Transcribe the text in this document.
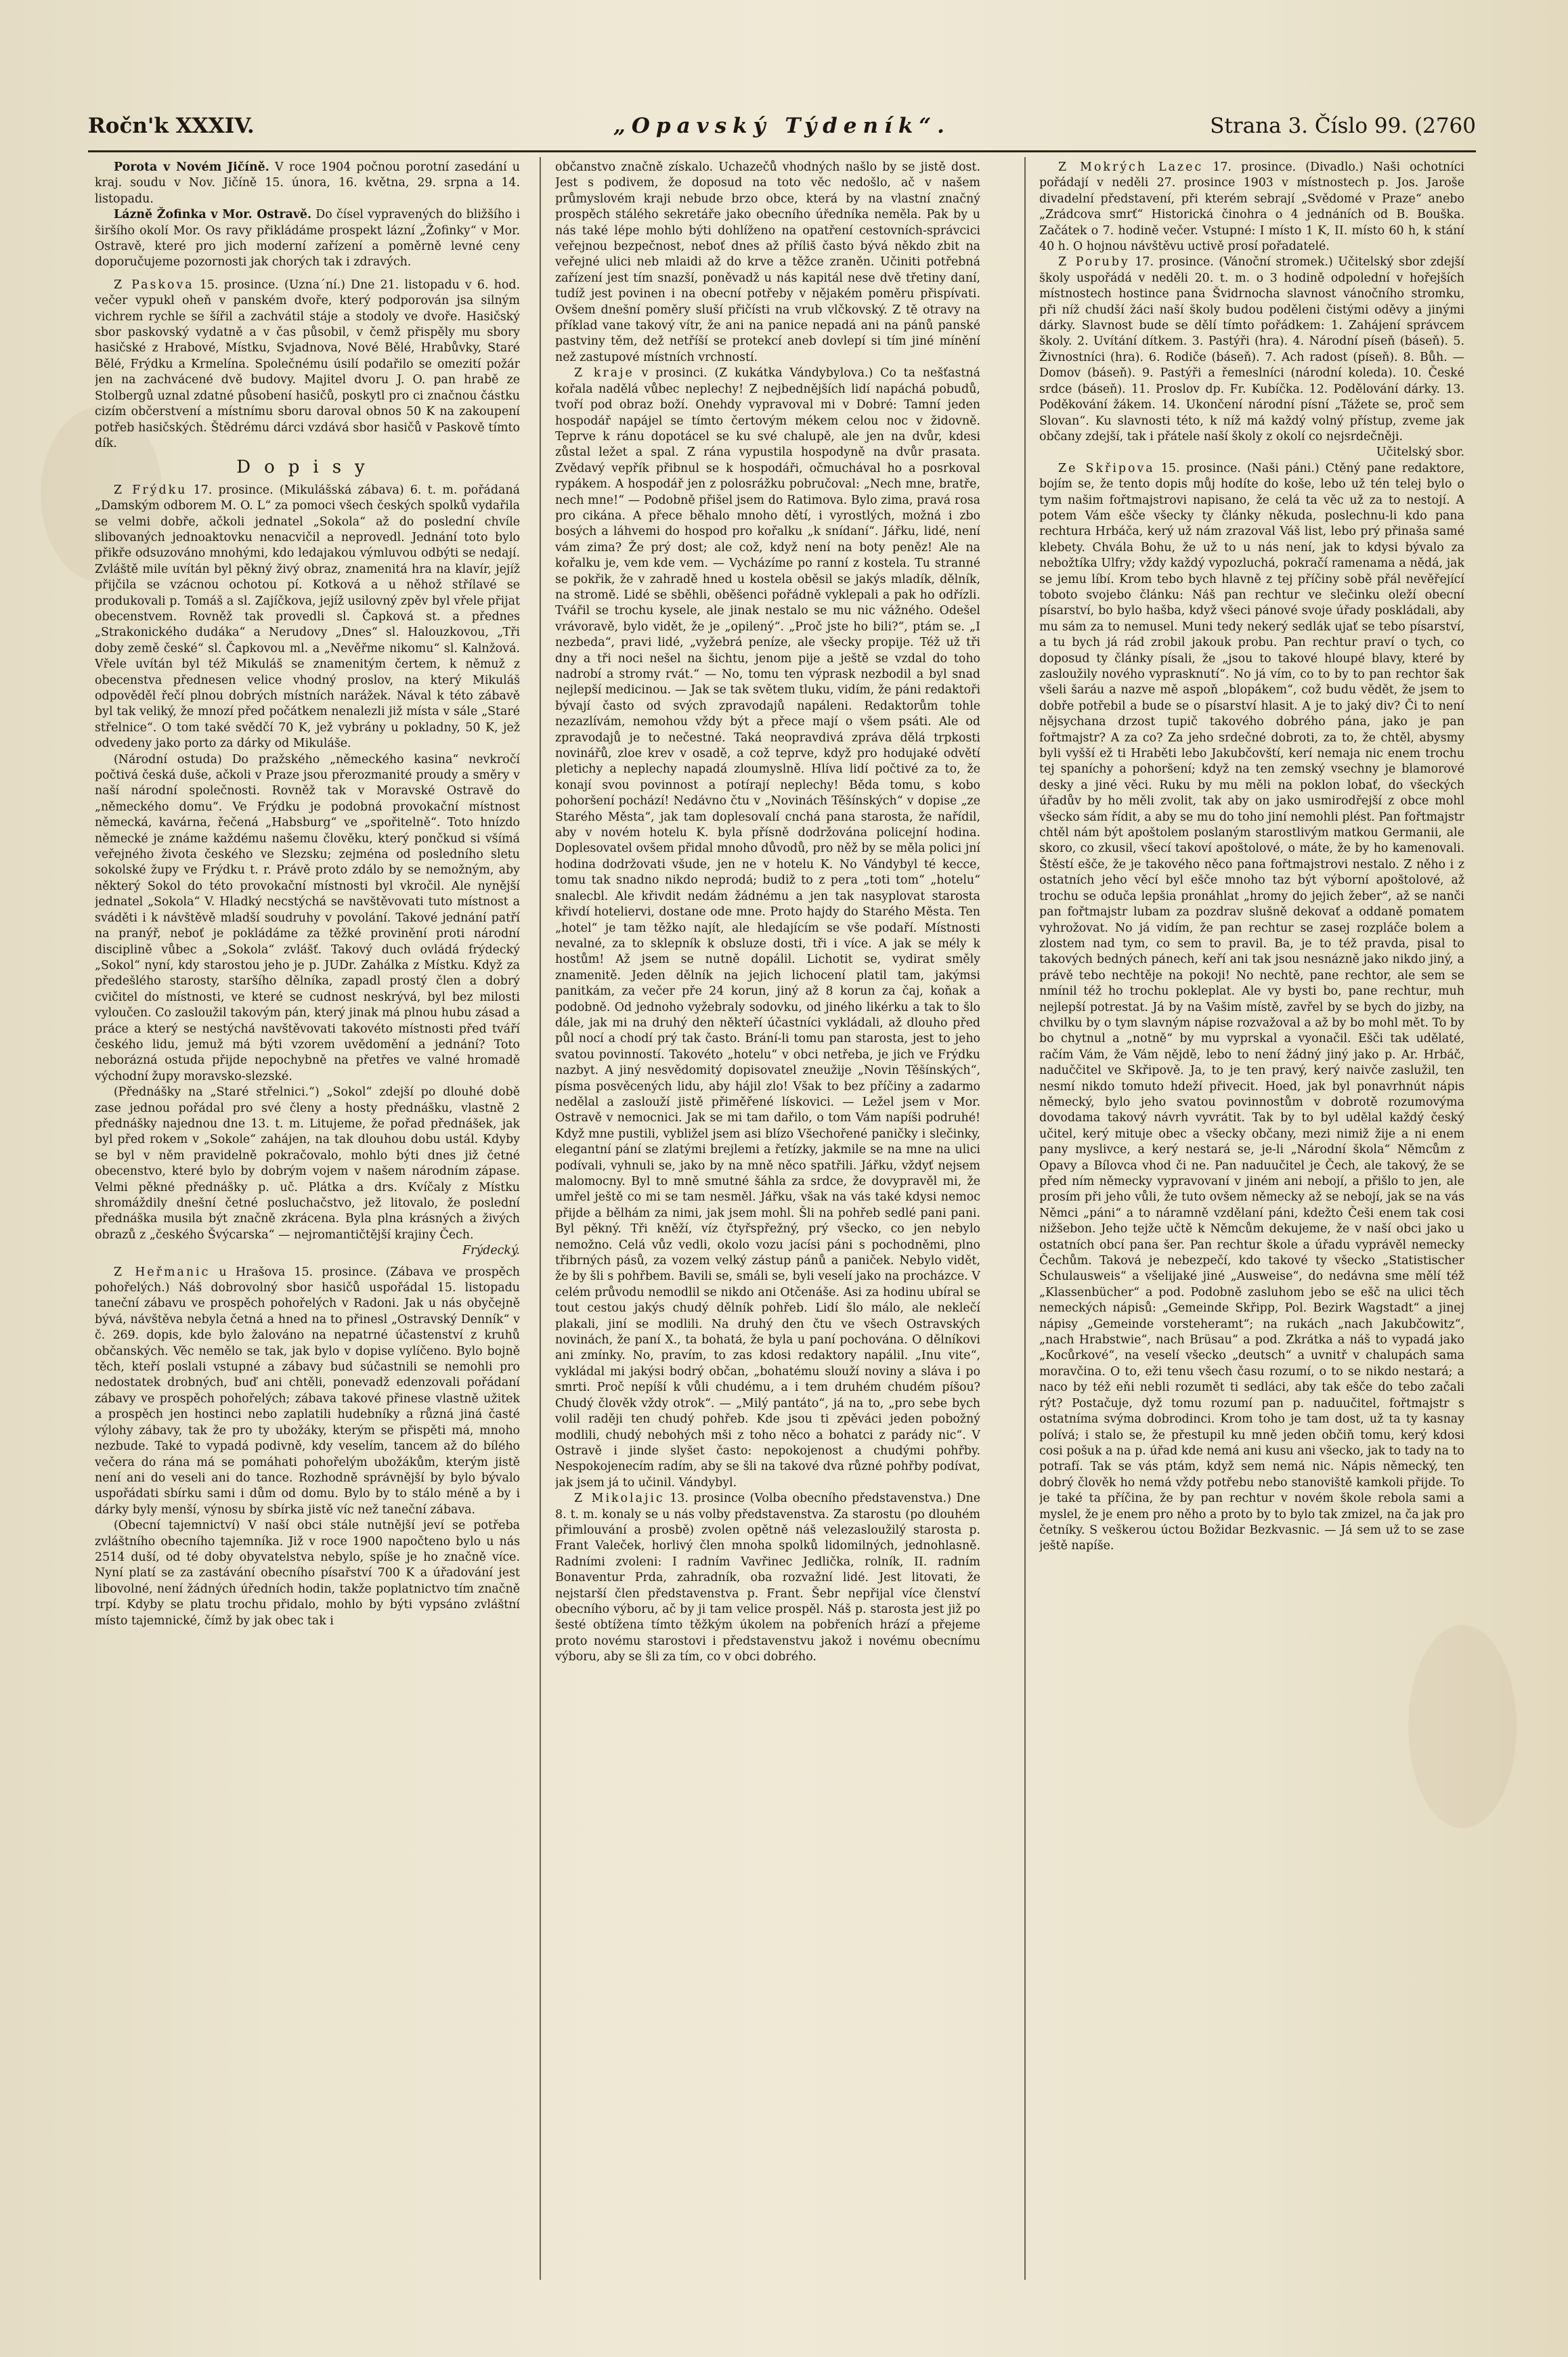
Ročn'k XXXIV.	„Opavský Týdeník“.	Strana 3. Číslo 99. (2760

Porota v Novém Jičíně. V roce 1904 počnou porotní zasedání u kraj. soudu v Nov. Jičíně 15. února, 16. května, 29. srpna a 14. listopadu.

Lázně Žofinka v Mor. Ostravě. Do čísel vypravených do bližšího i širšího okolí Mor. Os ravy přikládáme prospekt lázní „Žofinky“ v Mor. Ostravě, které pro jich moderní zařízení a poměrně levné ceny doporučujeme pozornosti jak chorých tak i zdravých.

Z Paskova 15. prosince. (Uzna´ní.) Dne 21. listopadu v 6. hod. večer vypukl oheň v panském dvoře, který podporován jsa silným vichrem rychle se šířil a zachvátil stáje a stodoly ve dvoře. Hasičský sbor paskovský vydatně a v čas působil, v čemž přispěly mu sbory hasičské z Hrabové, Místku, Svjadnova, Nové Bělé, Hrabůvky, Staré Bělé, Frýdku a Krmelína. Společnému úsilí podařilo se omezití požár jen na zachvácené dvě budovy. Majitel dvoru J. O. pan hrabě ze Stolbergů uznal zdatné působení hasičů, poskytl pro ci značnou částku cizím občerstvení a místnímu sboru daroval obnos 50 K na zakoupení potřeb hasičských. Štědrému dárci vzdává sbor hasičů v Paskově tímto dík.

Dopisy

Z Frýdku 17. prosince. (Mikulášská zábava) 6. t. m. pořádaná „Damským odborem M. O. L“ za pomoci všech českých spolků vydařila se velmi dobře, ačkoli jednatel „Sokola“ až do poslední chvíle slibovaných jednoaktovku nenacvičil a neprovedl. Jednání toto bylo přikře odsuzováno mnohými, kdo ledajakou výmluvou odbýti se nedají. Zvláště mile uvítán byl pěkný živý obraz, znamenitá hra na klavír, jejíž přijčila se vzácnou ochotou pí. Kotková a u něhož střílavé se produkovali p. Tomáš a sl. Zajíčkova, jejíž usilovný zpěv byl vřele přijat obecenstvem. Rovněž tak provedli sl. Čapková st. a přednes „Strakonického dudáka“ a Nerudovy „Dnes“ sl. Halouzkovou, „Tři doby země české“ sl. Čapkovou ml. a „Nevěřme nikomu“ sl. Kalnžová. Vřele uvítán byl též Mikuláš se znamenitým čertem, k němuž z obecenstva přednesen velice vhodný proslov, na který Mikuláš odpověděl řečí plnou dobrých místních narážek. Nával k této zábavě byl tak veliký, že mnozí před počátkem nenalezli již místa v sále „Staré střelnice“. O tom také svědčí 70 K, jež vybrány u pokladny, 50 K, jež odvedeny jako porto za dárky od Mikuláše.

(Národní ostuda) Do pražského „německého kasina“ nevkročí počtivá česká duše, ačkoli v Praze jsou přerozmanité proudy a směry v naší národní společnosti. Rovněž tak v Moravské Ostravě do „německého domu“. Ve Frýdku je podobná provokační místnost německá, kavárna, řečená „Habsburg“ ve „spořitelně“. Toto hnízdo německé je známe každému našemu člověku, který pončkud si všímá veřejného života českého ve Slezsku; zejména od posledního sletu sokolské župy ve Frýdku t. r. Právě proto zdálo by se nemožným, aby některý Sokol do této provokační místnosti byl vkročil. Ale nynější jednatel „Sokola“ V. Hladký necstýchá se navštěvovati tuto místnost a sváděti i k návštěvě mladší soudruhy v povolání. Takové jednání patří na pranýř, neboť je pokládáme za těžké provinění proti národní disciplině vůbec a „Sokola“ zvlášť. Takový duch ovládá frýdecký „Sokol“ nyní, kdy starostou jeho je p. JUDr. Zahálka z Místku. Když za předešlého starosty, staršího dělníka, zapadl prostý člen a dobrý cvičitel do místnosti, ve které se cudnost neskrývá, byl bez milosti vyloučen. Co zasloužil takovým pán, který jinak má plnou hubu zásad a práce a který se nestýchá navštěvovati takovéto místnosti před tváří českého lidu, jemuž má býti vzorem uvědomění a jednání? Toto neborázná ostuda přijde nepochybně na přetřes ve valné hromadě východní župy moravsko-slezské.

(Přednášky na „Staré střelnici.“) „Sokol“ zdejší po dlouhé době zase jednou pořádal pro své členy a hosty přednášku, vlastně 2 přednášky najednou dne 13. t. m. Litujeme, že pořad přednášek, jak byl před rokem v „Sokole“ zahájen, na tak dlouhou dobu ustál. Kdyby se byl v něm pravidelně pokračovalo, mohlo býti dnes již četné obecenstvo, které bylo by dobrým vojem v našem národním zápase. Velmi pěkné přednášky p. uč. Plátka a drs. Kvíčaly z Místku shromáždily dnešní četné posluchačstvo, jež litovalo, že poslední přednáška musila být značně zkrácena. Byla plna krásných a živých obrazů z „českého Švýcarska“ — nejromantičtější krajiny Čech.

Frýdecký.

Z Heřmanic u Hrašova 15. prosince. (Zábava ve prospěch pohořelých.) Náš dobrovolný sbor hasičů uspořádal 15. listopadu taneční zábavu ve prospěch pohořelých v Radoni. Jak u nás obyčejně bývá, návštěva nebyla četná a hned na to přinesl „Ostravský Denník“ v č. 269. dopis, kde bylo žalováno na nepatrné účastenství z kruhů občanských. Věc nemělo se tak, jak bylo v dopise vylíčeno. Bylo bojně těch, kteří poslali vstupné a zábavy bud súčastnili se nemohli pro nedostatek drobných, buď ani chtěli, ponevadž edenzovali pořádaní zábavy ve prospěch pohořelých; zábava takové přinese vlastně užitek a prospěch jen hostinci nebo zaplatili hudebníky a různá jiná časté výlohy zábavy, tak že pro ty ubožáky, kterým se přispěti má, mnoho nezbude. Také to vypadá podivně, kdy veselím, tancem až do bílého večera do rána má se pomáhati pohořelým ubožákům, kterým jistě není ani do veseli ani do tance. Rozhodně správnější by bylo bývalo uspořádati sbírku sami i dům od domu. Bylo by to stálo méně a by i dárky byly menší, výnosu by sbírka jistě víc než taneční zábava.

(Obecní tajemnictví) V naší obci stále nutnější jeví se potřeba zvláštního obecního tajemníka. Již v roce 1900 napočteno bylo u nás 2514 duší, od té doby obyvatelstva nebylo, spíše je ho značně více. Nyní platí se za zastávání obecního písařství 700 K a úřadování jest libovolné, není žádných úředních hodin, takže poplatnictvo tím značně trpí. Kdyby se platu trochu přidalo, mohlo by býti vypsáno zvláštní místo tajemnické, čímž by jak obec tak i

občanstvo značně získalo. Uchazečů vhodných našlo by se jistě dost. Jest s podivem, že doposud na toto věc nedošlo, ač v našem průmyslovém kraji nebude brzo obce, která by na vlastní značný prospěch stálého sekretáře jako obecního úředníka neměla. Pak by u nás také lépe mohlo býti dohlíženo na opatření cestovních-správcici veřejnou bezpečnost, neboť dnes až příliš často bývá někdo zbit na veřejné ulici neb mlaidi až do krve a těžce zraněn. Učiniti potřebná zařízení jest tím snazší, poněvadž u nás kapitál nese dvě třetiny daní, tudíž jest povinen i na obecní potřeby v nějakém poměru přispívati. Ovšem dnešní poměry sluší přičísti na vrub vlčkovský. Z tě otravy na příklad vane takový vítr, že ani na panice nepadá ani na pánů panské pastviny těm, dež netříší se protekcí aneb dovlepí si tím jiné mínění než zastupové místních vrchností.

Z kraje v prosinci. (Z kukátka Vándybylova.) Co ta nešťastná kořala nadělá vůbec neplechy! Z nejbednějších lidí napáchá pobudů, tvoří pod obraz boží. Onehdy vypravoval mi v Dobré: Tamní jeden hospodář napájel se tímto čertovým mékem celou noc v židovně. Teprve k ránu dopotácel se ku své chalupě, ale jen na dvůr, kdesi zůstal ležet a spal. Z rána vypustila hospodyně na dvůr prasata. Zvědavý vepřík přibnul se k hospodáři, očmuchával ho a posrkoval rypákem. A hospodář jen z polosrážku pobručoval: „Nech mne, bratře, nech mne!“ — Podobně přišel jsem do Ratimova. Bylo zima, pravá rosa pro cikána. A přece běhalo mnoho dětí, i vyrostlých, možná i zbo bosých a láhvemi do hospod pro kořalku „k snídaní“. Jářku, lidé, není vám zima? Že prý dost; ale což, když není na boty peněz! Ale na kořalku je, vem kde vem. — Vycházíme po ranní z kostela. Tu stranné se pokřik, že v zahradě hned u kostela oběsil se jakýs mladík, dělník, na stromě. Lidé se sběhli, oběšenci pořádně vyklepali a pak ho odřízli. Tvářil se trochu kysele, ale jinak nestalo se mu nic vážného. Odešel vrávoravě, bylo vidět, že je „opilený“. „Proč jste ho bili?“, ptám se. „I nezbeda“, pravi lidé, „vyžebrá peníze, ale všecky propije. Též už tři dny a tři noci nešel na šichtu, jenom pije a ještě se vzdal do toho nadrobí a stromy rvát.“ — No, tomu ten výprask nezbodil a byl snad nejlepší medicinou. — Jak se tak světem tluku, vidím, že páni redaktoři bývají často od svých zpravodajů napáleni. Redaktorům tohle nezazlívám, nemohou vždy být a přece mají o všem psáti. Ale od zpravodajů je to nečestné. Taká neopravdivá zpráva dělá trpkosti novinářů, zloe krev v osadě, a což teprve, když pro hodujaké odvětí pletichy a neplechy napadá zloumyslně. Hlíva lidí počtivé za to, že konají svou povinnost a potírají neplechy! Běda tomu, s kobo pohoršení pochází! Nedávno čtu v „Novinách Těšínských“ v dopise „ze Starého Města“, jak tam doplesovalí cnchá pana starosta, že nařídil, aby v novém hotelu K. byla přísně dodržována policejní hodina. Doplesovatel ovšem přidal mnoho důvodů, pro něž by se měla polici jní hodina dodržovati všude, jen ne v hotelu K. No Vándybyl té kecce, tomu tak snadno nikdo neprodá; budiž to z pera „toti tom“ „hotelu“ snalecbl. Ale křivdit nedám žádnému a jen tak nasyplovat starosta křivdí hoteliervi, dostane ode mne. Proto hajdy do Starého Města. Ten „hotel“ je tam těžko najít, ale hledajícím se vše podaří. Místnosti nevalné, za to sklepník k obsluze dosti, tři i více. A jak se mély k hostům! Až jsem se nutně dopálil. Lichotit se, vydirat směly znamenitě. Jeden dělník na jejich lichocení platil tam, jakýmsi panitkám, za večer pře 24 korun, jiný až 8 korun za čaj, koňak a podobně. Od jednoho vyžebraly sodovku, od jiného likérku a tak to šlo dále, jak mi na druhý den někteří účastníci vykládali, až dlouho před půl nocí a chodí prý tak často. Brání-li tomu pan starosta, jest to jeho svatou povinností. Takovéto „hotelu“ v obci netřeba, je jich ve Frýdku nazbyt. A jiný nesvědomitý dopisovatel zneužije „Novin Těšínských“, písma posvěcených lidu, aby hájil zlo! Však to bez příčiny a zadarmo nedělal a zaslouží jistě přiměřené lískovici. — Ležel jsem v Mor. Ostravě v nemocnici. Jak se mi tam dařilo, o tom Vám napíši podruhé! Když mne pustili, vybližel jsem asi blízo Všechořené paničky i slečinky, elegantní pání se zlatými brejlemi a řetízky, jakmile se na mne na ulici podívali, vyhnuli se, jako by na mně něco spatřili. Jářku, vždyť nejsem malomocny. Byl to mně smutné šáhla za srdce, že dovypravěl mi, že umřel ještě co mi se tam nesměl. Jářku, však na vás také kdysi nemoc přijde a bělhám za nimi, jak jsem mohl. Šli na pohřeb sedlé pani pani. Byl pěkný. Tři kněží, víz čtyřspřežný, prý všecko, co jen nebylo nemožno. Celá vůz vedli, okolo vozu jacísi páni s pochodněmi, plno třibrných pásů, za vozem velký zástup pánů a paniček. Nebylo vidět, že by šli s pohřbem. Bavili se, smáli se, byli veselí jako na procházce. V celém průvodu nemodlil se nikdo ani Otčenáše. Asi za hodinu ubíral se tout cestou jakýs chudý dělník pohřeb. Lidí šlo málo, ale neklečí plakali, jiní se modlili. Na druhý den čtu ve všech Ostravských novinách, že paní X., ta bohatá, že byla u paní pochována. O dělníkovi ani zmínky. No, pravím, to zas kdosi redaktory napálil. „Inu vite“, vykládal mi jakýsi bodrý občan, „bohatému slouží noviny a sláva i po smrti. Proč nepíší k vůli chudému, a i tem druhém chudém píšou? Chudý člověk vždy otrok“. — „Milý pantáto“, já na to, „pro sebe bych volil raději ten chudý pohřeb. Kde jsou ti zpěváci jeden pobožný modlili, chudý nebohých mši z toho něco a bohatci z parády nic“. V Ostravě i jinde slyšet často: nepokojenost a chudými pohřby. Nespokojenecím radím, aby se šli na takové dva různé pohřby podívat, jak jsem já to učinil. Vándybyl.

Z Mikolajic 13. prosince (Volba obecního představenstva.) Dne 8. t. m. konaly se u nás volby představenstva. Za starostu (po dlouhém přimlouvání a prosbě) zvolen opětně náš velezasloužilý starosta p. Frant Valeček, horlivý člen mnoha spolků lidomilných, jednohlasně. Radními zvoleni: I radním Vavřinec Jedlička, rolník, II. radním Bonaventur Prda, zahradník, oba rozvažní lidé. Jest litovati, že nejstarší člen představenstva p. Frant. Šebr nepřijal více členství obecního výboru, ač by ji tam velice prospěl. Náš p. starosta jest již po šesté obtížena tímto těžkým úkolem na pobřeních hrází a přejeme proto novému starostovi i představenstvu jakož i novému obecnímu výboru, aby se šli za tím, co v obci dobrého.

Z Mokrých Lazec 17. prosince. (Divadlo.) Naši ochotníci pořádají v neděli 27. prosince 1903 v místnostech p. Jos. Jaroše divadelní představení, při kterém sebrají „Svědomé v Praze“ anebo „Zrádcova smrť“ Historická činohra o 4 jednáních od B. Bouška. Začátek o 7. hodině večer. Vstupné: I místo 1 K, II. místo 60 h, k stání 40 h. O hojnou návštěvu uctivě prosí pořadatelé.

Z Poruby 17. prosince. (Vánoční stromek.) Učitelský sbor zdejší školy uspořádá v neděli 20. t. m. o 3 hodině odpolední v hořejších místnostech hostince pana Švidrnocha slavnost vánočního stromku, při níž chudší žáci naší školy budou poděleni čistými oděvy a jinými dárky. Slavnost bude se dělí tímto pořádkem: 1. Zahájení správcem školy. 2. Uvítání dítkem. 3. Pastýři (hra). 4. Národní píseň (báseň). 5. Živnostníci (hra). 6. Rodiče (báseň). 7. Ach radost (píseň). 8. Bůh. — Domov (báseň). 9. Pastýři a řemeslníci (národní koleda). 10. České srdce (báseň). 11. Proslov dp. Fr. Kubíčka. 12. Podělování dárky. 13. Poděkování žákem. 14. Ukončení národní písní „Tážete se, proč sem Slovan“. Ku slavnosti této, k níž má každý volný přístup, zveme jak občany zdejší, tak i přátele naší školy z okolí co nejsrdečněji.

Učitelský sbor.

Ze Skřipova 15. prosince. (Naši páni.) Ctěný pane redaktore, bojím se, že tento dopis můj hodíte do koše, lebo už tén telej bylo o tym našim fořtmajstrovi napisano, že celá ta věc už za to nestojí. A potem Vám ešče všecky ty články někuda, poslechnu-li kdo pana rechtura Hrbáča, kerý už nám zrazoval Váš list, lebo prý přinaša samé klebety. Chvála Bohu, že už to u nás není, jak to kdysi bývalo za nebožtíka Ulfry; vždy každý vypozluchá, pokračí ramenama a nědá, jak se jemu líbí. Krom tebo bych hlavně z tej příčiny sobě přál nevěřející toboto svojebo článku: Náš pan rechtur ve slečinku oleží obecní písarství, bo bylo hašba, když všeci pánové svoje úřady poskládali, aby mu sám za to nemusel. Muni tedy nekerý sedlák ujať se tebo písarství, a tu bych já rád zrobil jakouk probu. Pan rechtur praví o tych, co doposud ty články písali, že „jsou to takové hloupé blavy, které by zasloužily nového vyprasknutí“. No já vím, co to by to pan rechtor šak všeli šaráu a nazve mě aspoň „blopákem“, což budu vědět, že jsem to dobře potřebil a bude se o písarství hlasit. A je to jaký div? Či to není nějsychana drzost tupič takového dobrého pána, jako je pan fořtmajstr? A za co? Za jeho srdečné dobroti, za to, že chtěl, abysmy byli vyšší ež ti Hraběti lebo Jakubčovští, kerí nemaja nic enem trochu tej spaníchy a pohoršení; když na ten zemský vsechny je blamorové desky a jiné věci. Ruku by mu měli na poklon lobať, do všeckých úřadův by ho měli zvolit, tak aby on jako usmirodřejší z obce mohl všecko sám řídit, a aby se mu do toho jiní nemohli plést. Pan fořtmajstr chtěl nám být apoštolem poslaným starostlivým matkou Germanii, ale skoro, co zkusil, všecí takoví apoštolové, o máte, že by ho kamenovali. Štěstí ešče, že je takového něco pana fořtmajstrovi nestalo. Z něho i z ostatních jeho věcí byl ešče mnoho taz být výborní apoštolové, až trochu se oduča lepšia pronáhlat „hromy do jejich žeber“, až se nanči pan fořtmajstr lubam za pozdrav slušně dekovať a oddaně pomatem vyhrožovat. No já vidím, že pan rechtur se zasej rozpláče bolem a zlostem nad tym, co sem to pravil. Ba, je to též pravda, pisal to takových bedných pánech, keří ani tak jsou nesnázně jako nikdo jiný, a právě tebo nechtěje na pokoji! No nechtě, pane rechtor, ale sem se nmínil též ho trochu pokleplat. Ale vy bysti bo, pane rechtur, muh nejlepší potrestat. Já by na Vašim místě, zavřel by se bych do jizby, na chvilku by o tym slavným nápise rozvažoval a až by bo mohl mět. To by bo chytnul a „notně“ by mu vyprskal a vyonačil. Ešči tak udělaté, račím Vám, že Vám nějdě, lebo to není žádný jiný jako p. Ar. Hrbáč, naduččitel ve Skřipově. Ja, to je ten pravý, kerý naivče zaslužil, ten nesmí nikdo tomuto hdeží přivecit. Hoed, jak byl ponavrhnút nápis německý, bylo jeho svatou povinnostům v dobrotě rozumovýma dovodama takový návrh vyvrátit. Tak by to byl udělal každý český učitel, kerý mituje obec a všecky občany, mezi nimiž žije a ni enem pany myslivce, a kerý nestará se, je-li „Národní škola“ Němcům z Opavy a Bílovca vhod či ne. Pan naduučitel je Čech, ale takový, že se před ním německy vypravovaní v jiném ani nebojí, a přišlo to jen, ale prosím při jeho vůli, že tuto ovšem německy až se nebojí, jak se na vás Němci „páni“ a to náramně vzdělaní páni, kdežto Češi enem tak cosi nižšebon. Jeho tejže učtě k Němcům dekujeme, že v naší obci jako u ostatních obcí pana šer. Pan rechtur škole a úřadu vyprávěl nemecky Čechům. Taková je nebezpečí, kdo takové ty všecko „Statistischer Schulausweis“ a všelijaké jiné „Ausweise“, do nedávna sme mělí též „Klassenbücher“ a pod. Podobně zasluhom jebo se ešč na ulici těch nemeckých nápisů: „Gemeinde Skřipp, Pol. Bezirk Wagstadt“ a jinej nápisy „Gemeinde vorsteheramt“; na rukách „nach Jakubčowitz“, „nach Hrabstwie“, nach Brüsau“ a pod. Zkrátka a náš to vypadá jako „Kocůrkové“, na veselí všecko „deutsch“ a uvnitř v chalupách sama moravčina. O to, eži tenu všech času rozumí, o to se nikdo nestará; a naco by též eňi nebli rozumět ti sedláci, aby tak ešče do tebo začali rýt? Postačuje, dyž tomu rozumí pan p. naduučitel, fořtmajstr s ostatníma svýma dobrodinci. Krom toho je tam dost, už ta ty kasnay polívá; i stalo se, že přestupil ku mně jeden občiň tomu, kerý kdosi cosi pošuk a na p. úřad kde nemá ani kusu ani všecko, jak to tady na to potrafí. Tak se vás ptám, když sem nemá nic. Nápis německý, ten dobrý člověk ho nemá vždy potřebu nebo stanoviště kamkoli přijde. To je také ta příčina, že by pan rechtur v novém škole rebola sami a myslel, že je enem pro něho a proto by to bylo tak zmizel, na ča jak pro četníky. S veškerou úctou Božidar Bezkvasnic. — Já sem už to se zase ještě napíše.
